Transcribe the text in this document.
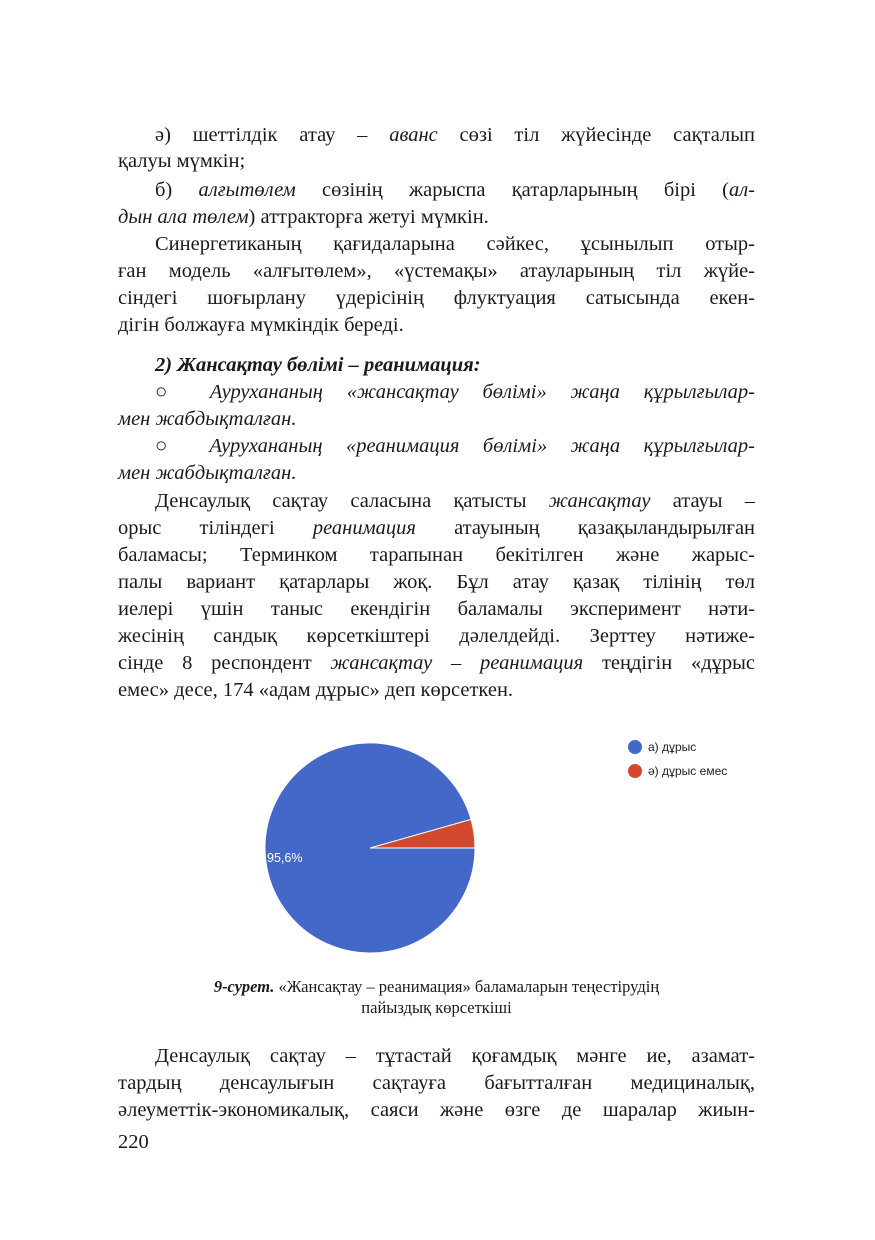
ә) шеттілдік атау – аванс сөзі тіл жүйесінде сақталып
қалуы мүмкін;
б) алғытөлем сөзінің жарыспа қатарларының бірі (ал-
дын ала төлем) аттракторға жетуі мүмкін.
Синергетиканың қағидаларына сәйкес, ұсынылып отыр-
ған модель «алғытөлем», «үстемақы» атауларының тіл жүйе-
сіндегі шоғырлану үдерісінің флуктуация сатысында екен-
дігін болжауға мүмкіндік береді.
2) Жансақтау бөлімі – реанимация:
○ Аурухананың «жансақтау бөлімі» жаңа құрылғылар-
мен жабдықталған.
○ Аурухананың «реанимация бөлімі» жаңа құрылғылар-
мен жабдықталған.
Денсаулық сақтау саласына қатысты жансақтау атауы –
орыс тіліндегі реанимация атауының қазақыландырылған
баламасы; Терминком тарапынан бекітілген және жарыс-
палы вариант қатарлары жоқ. Бұл атау қазақ тілінің төл
иелері үшін таныс екендігін баламалы эксперимент нәти-
жесінің сандық көрсеткіштері дәлелдейді. Зерттеу нәтиже-
сінде 8 респондент жансақтау – реанимация теңдігін «дұрыс
емес» десе, 174 «адам дұрыс» деп көрсеткен.
95,6%
а) дұрыс
ә) дұрыс емес
9-сурет. «Жансақтау – реанимация» баламаларын теңестірудің
пайыздық көрсеткіші
Денсаулық сақтау – тұтастай қоғамдық мәнге ие, азамат-
тардың денсаулығын сақтауға бағытталған медициналық,
әлеуметтік-экономикалық, саяси және өзге де шаралар жиын-
220
